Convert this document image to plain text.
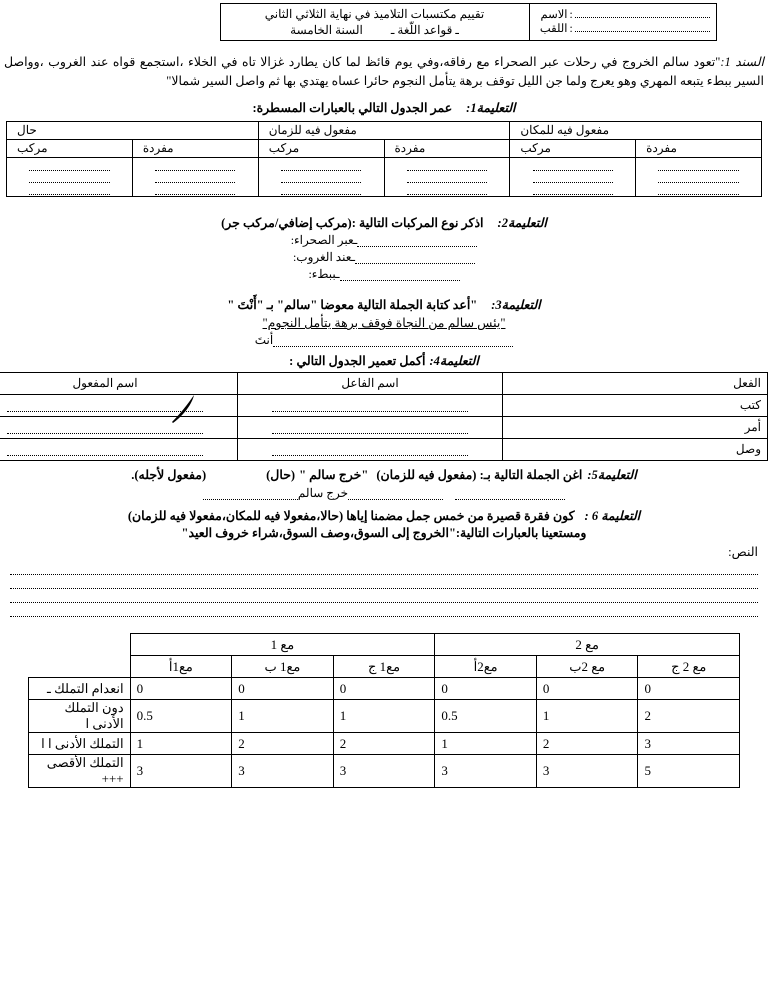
:
الاسم
:
اللقب

تقييم مكتسبات التلاميذ في نهاية الثلاثي الثاني
ـ قواعد اللّغة ـ  السنة الخامسة

السند 1:"تعود سالم الخروج في رحلات عبر الصحراء مع رفاقه،وفي يوم قائظ لما كان يطارد غزالا تاه في الخلاء ،استجمع قواه عند الغروب ،وواصل السير ببطء يتبعه المهري وهو يعرج ولما جن الليل توقف برهة يتأمل النجوم حائرا عساه يهتدي بها ثم واصل السير شمالا"
التعليمة1:عمر الجدول التالي بالعبارات المسطرة:
مفعول فيه للمكان		مفعول فيه للزمان		حال	
مفردة	مركب	مفردة	مركب	مفردة	مركب

التعليمة2:اذكر نوع المركبات التالية :(مركب إضافي/مركب جر)
ـعبر الصحراء:
ـعند الغروب:
ـببطء:
التعليمة3:"أعد كتابة الجملة التالية معوضا "سالم" بـ "أَنْتَ "
"يئس سالم من النجاة فوقف برهة يتأمل النجوم"
أنتَ
التعليمة4:أكمل تعمير الجدول التالي :
الفعل	اسم الفاعل	اسم المفعول
كتب	

أمر	

وصل	

التعليمة5:اغن الجملة التالية بـ: (مفعول فيه للزمان)"خرج سالم "(حال)(مفعول لأجله).
خرج سالم
التعليمة 6 :كون فقرة قصيرة من خمس جمل مضمنا إياها (حالا،مفعولا فيه للمكان،مفعولا فيه للزمان)
ومستعينا بالعبارات التالية:"الخروج إلى السوق،وصف السوق،شراء خروف العيد"
النص:
مع 2			مع 1			
مع 2 ج	مع 2ب	مع2أ	مع1 ج	مع1 ب	مع1أ	
0	0	0	0	0	0	انعدام التملك ـ
2	1	0.5	1	1	0.5	دون التملك الأدنى ا
3	2	1	2	2	1	التملك الأدنى ا ا
5	3	3	3	3	3	التملك الأقصى +++
